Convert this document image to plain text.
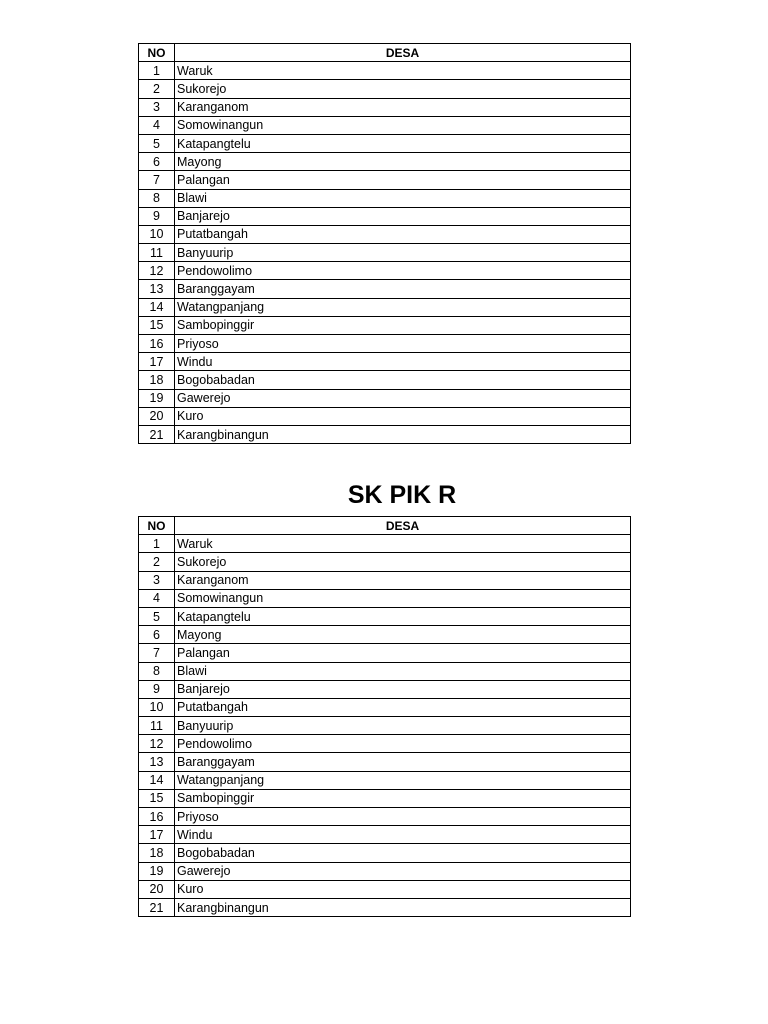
NO	DESA
1	Waruk
2	Sukorejo
3	Karanganom
4	Somowinangun
5	Katapangtelu
6	Mayong
7	Palangan
8	Blawi
9	Banjarejo
10	Putatbangah
11	Banyuurip
12	Pendowolimo
13	Baranggayam
14	Watangpanjang
15	Sambopinggir
16	Priyoso
17	Windu
18	Bogobabadan
19	Gawerejo
20	Kuro
21	Karangbinangun
SK PIK R
NO	DESA
1	Waruk
2	Sukorejo
3	Karanganom
4	Somowinangun
5	Katapangtelu
6	Mayong
7	Palangan
8	Blawi
9	Banjarejo
10	Putatbangah
11	Banyuurip
12	Pendowolimo
13	Baranggayam
14	Watangpanjang
15	Sambopinggir
16	Priyoso
17	Windu
18	Bogobabadan
19	Gawerejo
20	Kuro
21	Karangbinangun
